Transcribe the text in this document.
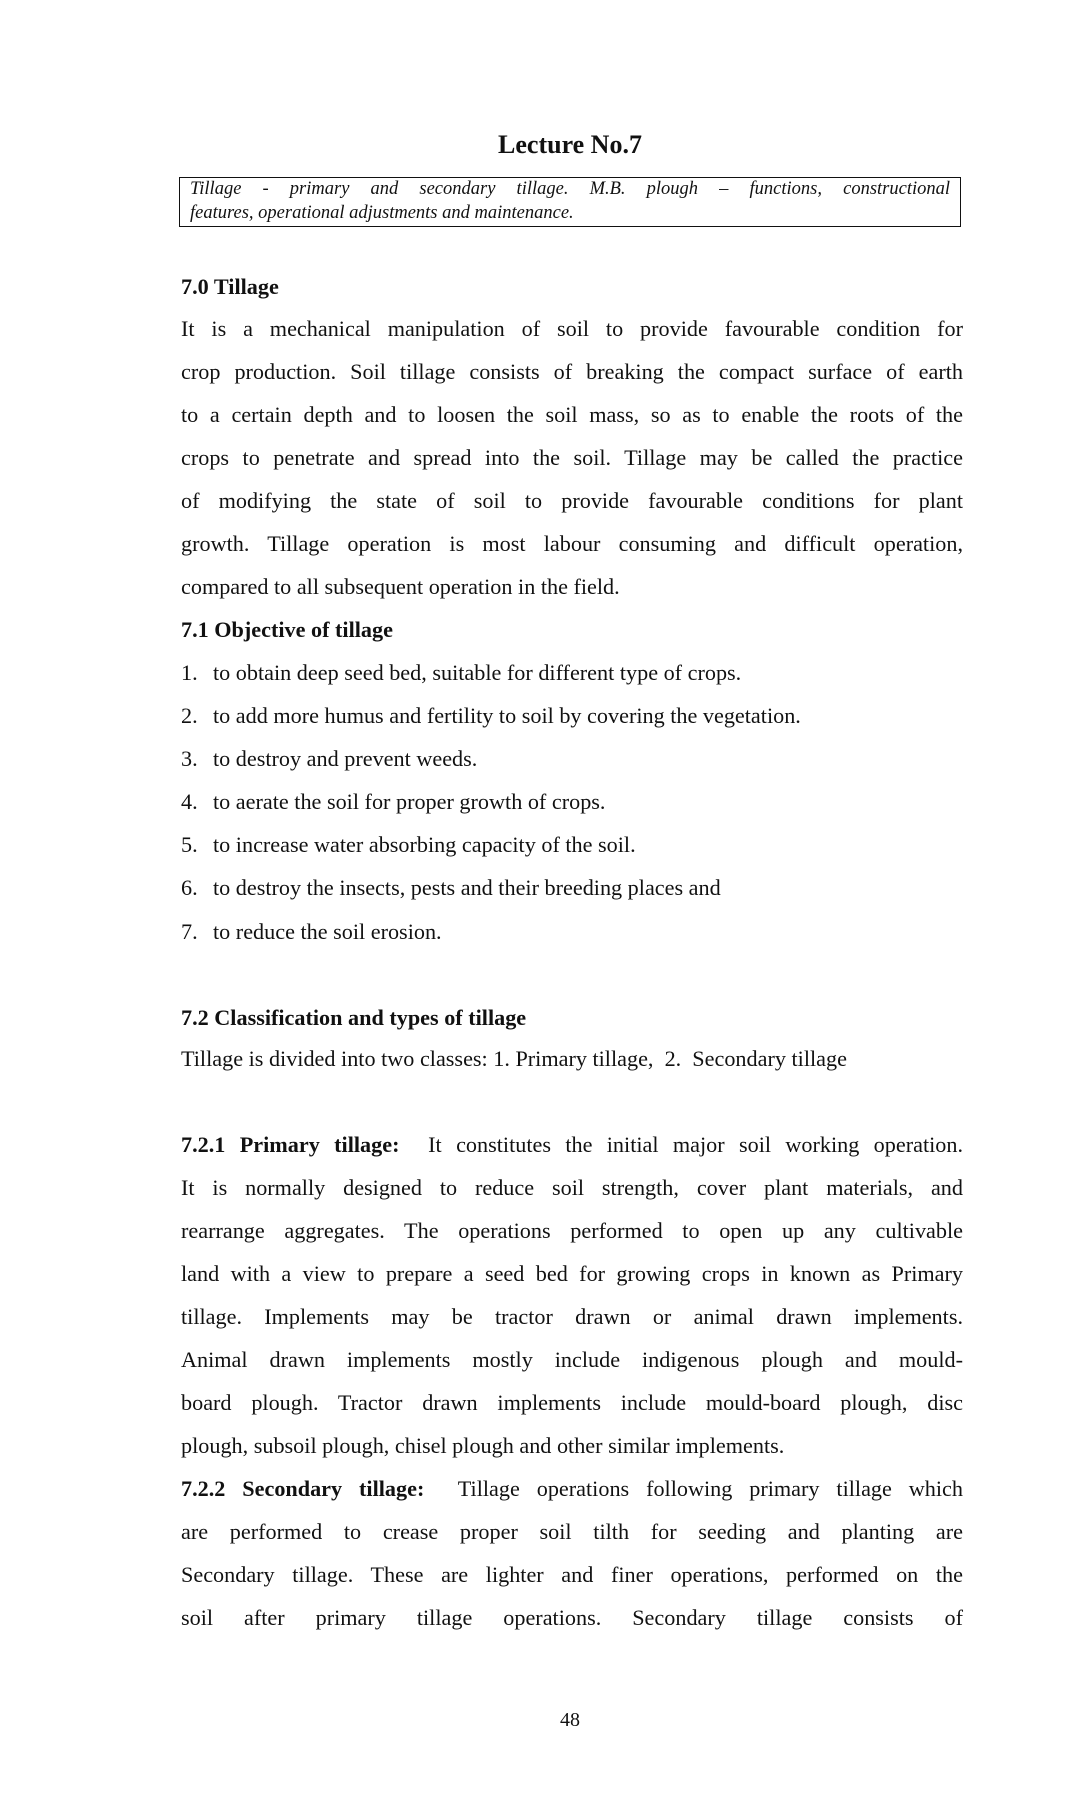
Lecture No.7
Tillage - primary and secondary tillage. M.B. plough – functions, constructional
features, operational adjustments and maintenance.
7.0 Tillage
It is a mechanical manipulation of soil to provide favourable condition for
crop production. Soil tillage consists of breaking the compact surface of earth
to a certain depth and to loosen the soil mass, so as to enable the roots of the
crops to penetrate and spread into the soil. Tillage may be called the practice
of modifying the state of soil to provide favourable conditions for plant
growth. Tillage operation is most labour consuming and difficult operation,
compared to all subsequent operation in the field.
7.1 Objective of tillage
1. to obtain deep seed bed, suitable for different type of crops.
2. to add more humus and fertility to soil by covering the vegetation.
3. to destroy and prevent weeds.
4. to aerate the soil for proper growth of crops.
5. to increase water absorbing capacity of the soil.
6. to destroy the insects, pests and their breeding places and
7. to reduce the soil erosion.
7.2 Classification and types of tillage
Tillage is divided into two classes: 1. Primary tillage,  2.  Secondary tillage
7.2.1 Primary tillage: It constitutes the initial major soil working operation.
It is normally designed to reduce soil strength, cover plant materials, and
rearrange aggregates. The operations performed to open up any cultivable
land with a view to prepare a seed bed for growing crops in known as Primary
tillage. Implements may be tractor drawn or animal drawn implements.
Animal drawn implements mostly include indigenous plough and mould-
board plough. Tractor drawn implements include mould-board plough, disc
plough, subsoil plough, chisel plough and other similar implements.
7.2.2 Secondary tillage: Tillage operations following primary tillage which
are performed to crease proper soil tilth for seeding and planting are
Secondary tillage. These are lighter and finer operations, performed on the
soil after primary tillage operations. Secondary tillage consists of
48
